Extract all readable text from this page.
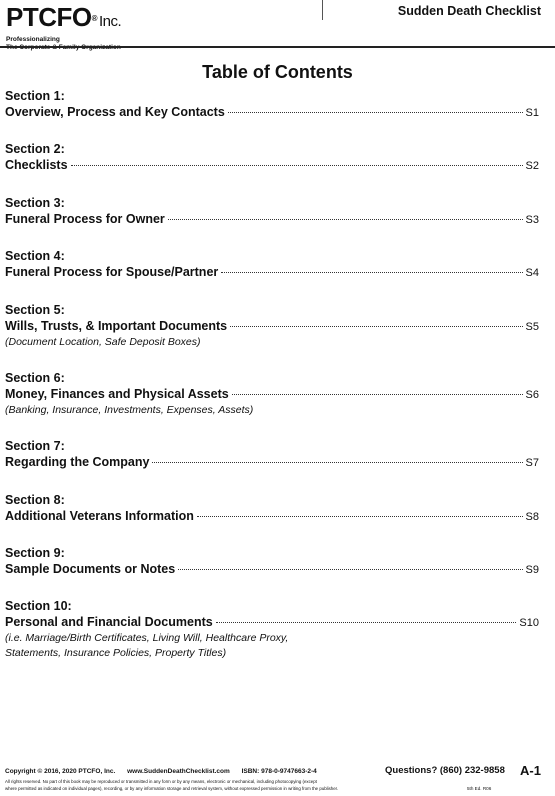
PTCFO® Inc.
Professionalizing
The Corporate & Family Organization
Sudden Death Checklist
Table of Contents
Section 1:
Overview, Process and Key Contacts	S1
Section 2:
Checklists	S2
Section 3:
Funeral Process for Owner	S3
Section 4:
Funeral Process for Spouse/Partner	S4
Section 5:
Wills, Trusts, & Important Documents	S5
(Document Location, Safe Deposit Boxes)
Section 6:
Money, Finances and Physical Assets	S6
(Banking, Insurance, Investments, Expenses, Assets)
Section 7:
Regarding the Company	S7
Section 8:
Additional Veterans Information	S8
Section 9:
Sample Documents or Notes	S9
Section 10:
Personal and Financial Documents	S10
(i.e. Marriage/Birth Certificates, Living Will, Healthcare Proxy,
Statements, Insurance Policies, Property Titles)
Copyright © 2016, 2020 PTCFO, Inc. www.SuddenDeathChecklist.com ISBN: 978-0-9747663-2-4	Questions? (860) 232-9858 A-1
All rights reserved. No part of this book may be reproduced or transmitted in any form or by any means, electronic or mechanical, including photocopying (except
where permitted as indicated on individual pages), recording, or by any information storage and retrieval system, without expressed permission in writing from the publisher.	5th Ed. R06
